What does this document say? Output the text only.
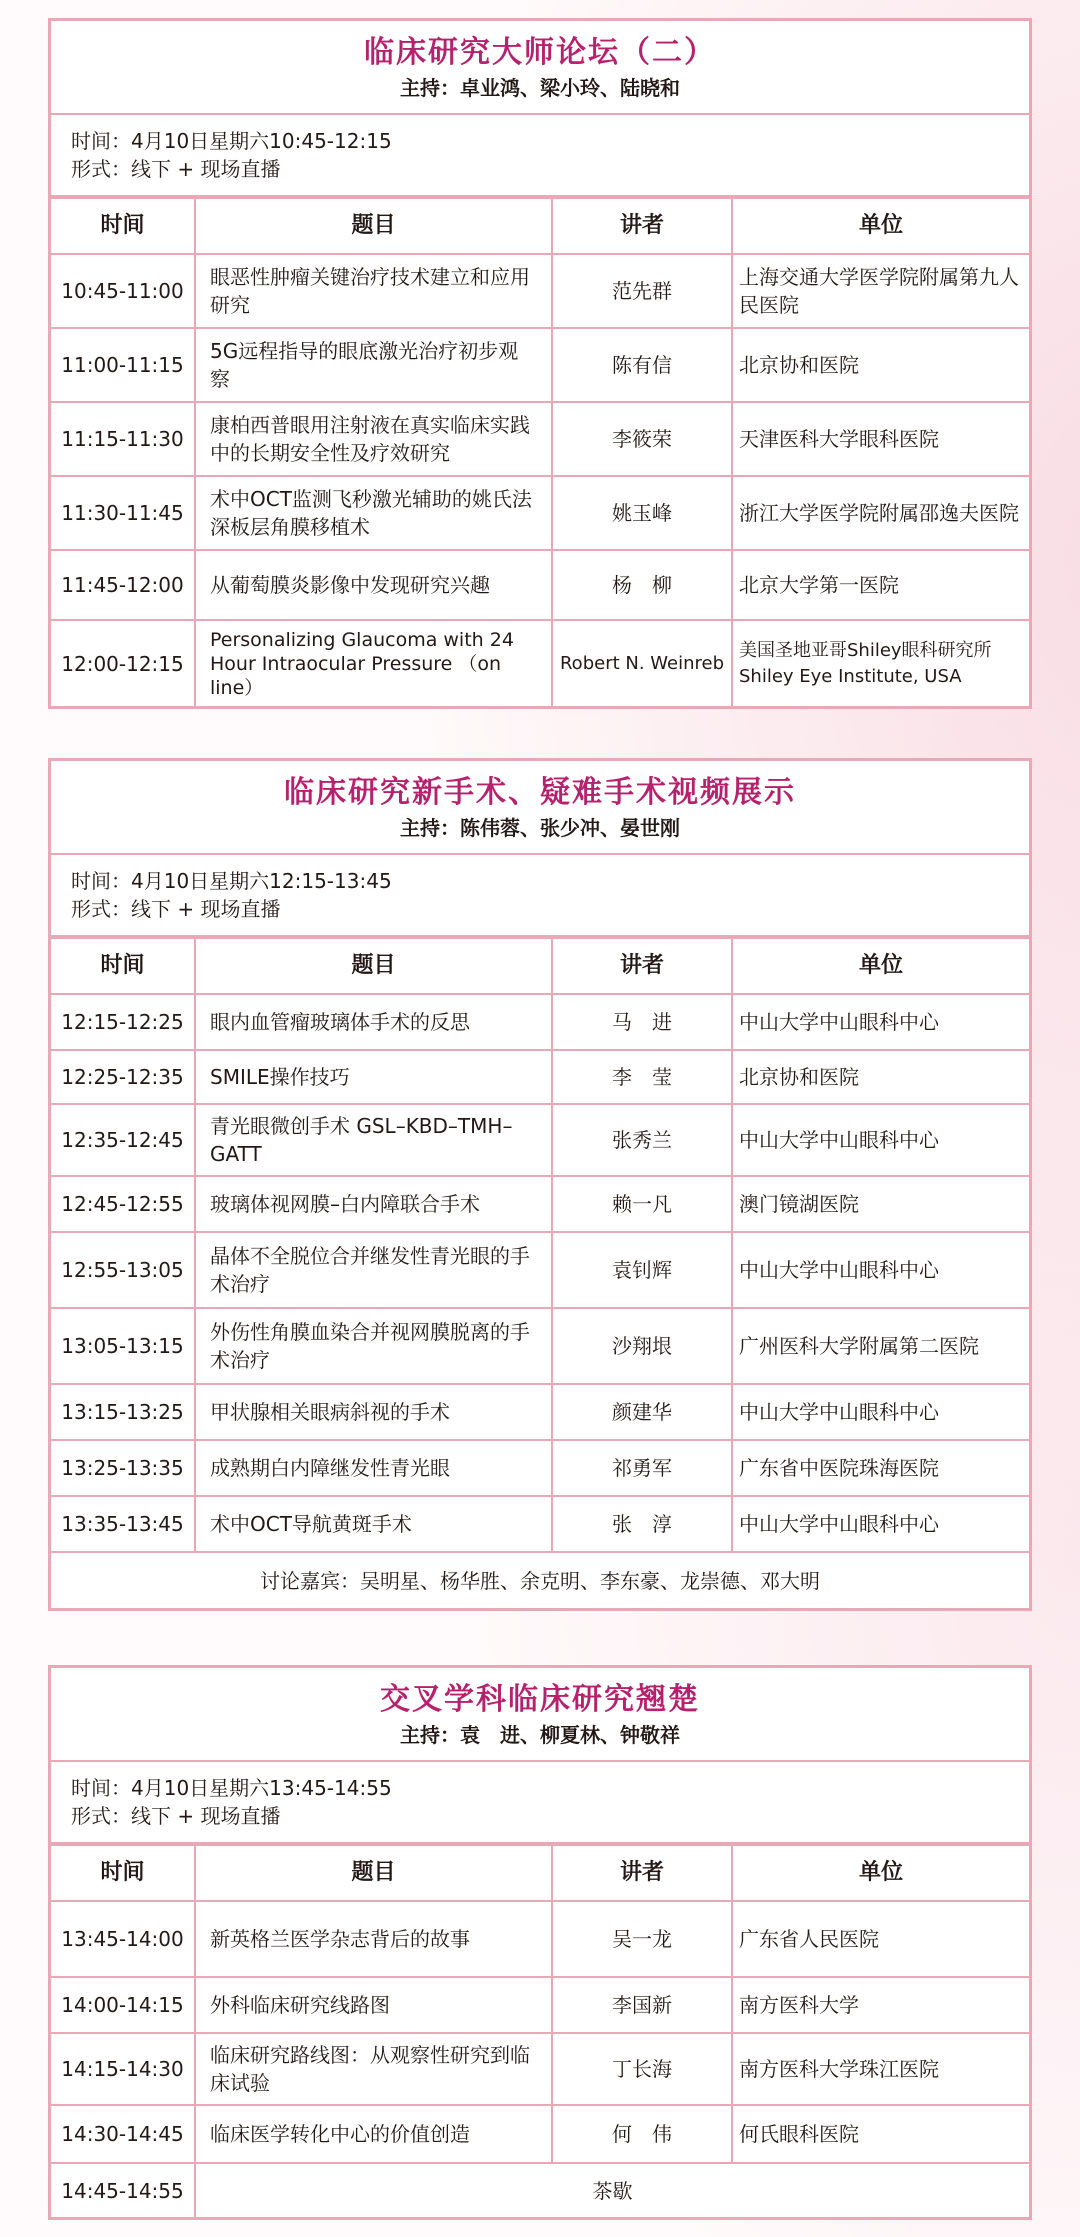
临床研究大师论坛（二）
主持：卓业鸿、梁小玲、陆晓和
时间：4月10日星期六10:45-12:15
形式：线下 + 现场直播
时间	题目	讲者	单位
10:45-11:00	眼恶性肿瘤关键治疗技术建立和应用研究	范先群	上海交通大学医学院附属第九人民医院
11:00-11:15	5G远程指导的眼底激光治疗初步观察	陈有信	北京协和医院
11:15-11:30	康柏西普眼用注射液在真实临床实践中的长期安全性及疗效研究	李筱荣	天津医科大学眼科医院
11:30-11:45	术中OCT监测飞秒激光辅助的姚氏法深板层角膜移植术	姚玉峰	浙江大学医学院附属邵逸夫医院
11:45-12:00	从葡萄膜炎影像中发现研究兴趣	杨　柳	北京大学第一医院
12:00-12:15	Personalizing Glaucoma with 24 Hour Intraocular Pressure （on line）	Robert N. Weinreb	美国圣地亚哥Shiley眼科研究所 Shiley Eye Institute, USA
临床研究新手术、疑难手术视频展示
主持：陈伟蓉、张少冲、晏世刚
时间：4月10日星期六12:15-13:45
形式：线下 + 现场直播
时间	题目	讲者	单位
12:15-12:25	眼内血管瘤玻璃体手术的反思	马　进	中山大学中山眼科中心
12:25-12:35	SMILE操作技巧	李　莹	北京协和医院
12:35-12:45	青光眼微创手术 GSL–KBD–TMH–GATT	张秀兰	中山大学中山眼科中心
12:45-12:55	玻璃体视网膜–白内障联合手术	赖一凡	澳门镜湖医院
12:55-13:05	晶体不全脱位合并继发性青光眼的手术治疗	袁钊辉	中山大学中山眼科中心
13:05-13:15	外伤性角膜血染合并视网膜脱离的手术治疗	沙翔垠	广州医科大学附属第二医院
13:15-13:25	甲状腺相关眼病斜视的手术	颜建华	中山大学中山眼科中心
13:25-13:35	成熟期白内障继发性青光眼	祁勇军	广东省中医院珠海医院
13:35-13:45	术中OCT导航黄斑手术	张　淳	中山大学中山眼科中心
讨论嘉宾：吴明星、杨华胜、余克明、李东豪、龙崇德、邓大明			
交叉学科临床研究翘楚
主持：袁　进、柳夏林、钟敬祥
时间：4月10日星期六13:45-14:55
形式：线下 + 现场直播
时间	题目	讲者	单位
13:45-14:00	新英格兰医学杂志背后的故事	吴一龙	广东省人民医院
14:00-14:15	外科临床研究线路图	李国新	南方医科大学
14:15-14:30	临床研究路线图：从观察性研究到临床试验	丁长海	南方医科大学珠江医院
14:30-14:45	临床医学转化中心的价值创造	何　伟	何氏眼科医院
14:45-14:55	茶歇		
